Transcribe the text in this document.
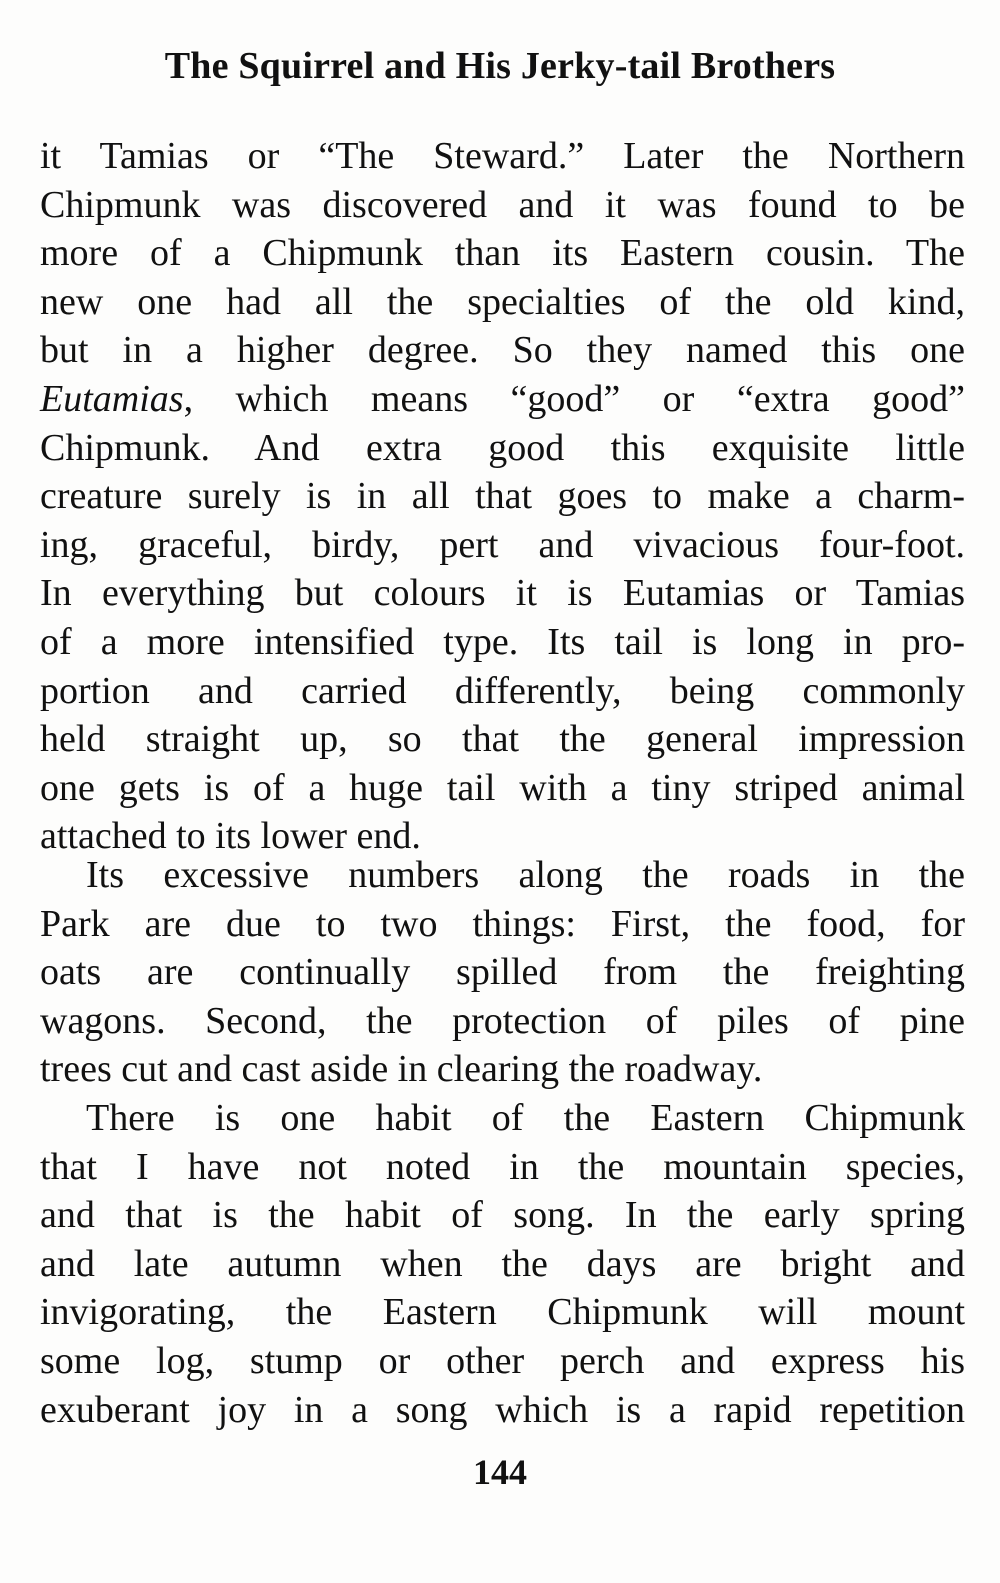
The Squirrel and His Jerky-tail Brothers
it Tamias or “The Steward.” Later the Northern
Chipmunk was discovered and it was found to be
more of a Chipmunk than its Eastern cousin. The
new one had all the specialties of the old kind,
but in a higher degree. So they named this one
Eutamias, which means “good” or “extra good”
Chipmunk. And extra good this exquisite little
creature surely is in all that goes to make a charm-
ing, graceful, birdy, pert and vivacious four-foot.
In everything but colours it is Eutamias or Tamias
of a more intensified type. Its tail is long in pro-
portion and carried differently, being commonly
held straight up, so that the general impression
one gets is of a huge tail with a tiny striped animal
attached to its lower end.
Its excessive numbers along the roads in the
Park are due to two things: First, the food, for
oats are continually spilled from the freighting
wagons. Second, the protection of piles of pine
trees cut and cast aside in clearing the roadway.
There is one habit of the Eastern Chipmunk
that I have not noted in the mountain species,
and that is the habit of song. In the early spring
and late autumn when the days are bright and
invigorating, the Eastern Chipmunk will mount
some log, stump or other perch and express his
exuberant joy in a song which is a rapid repetition
144
